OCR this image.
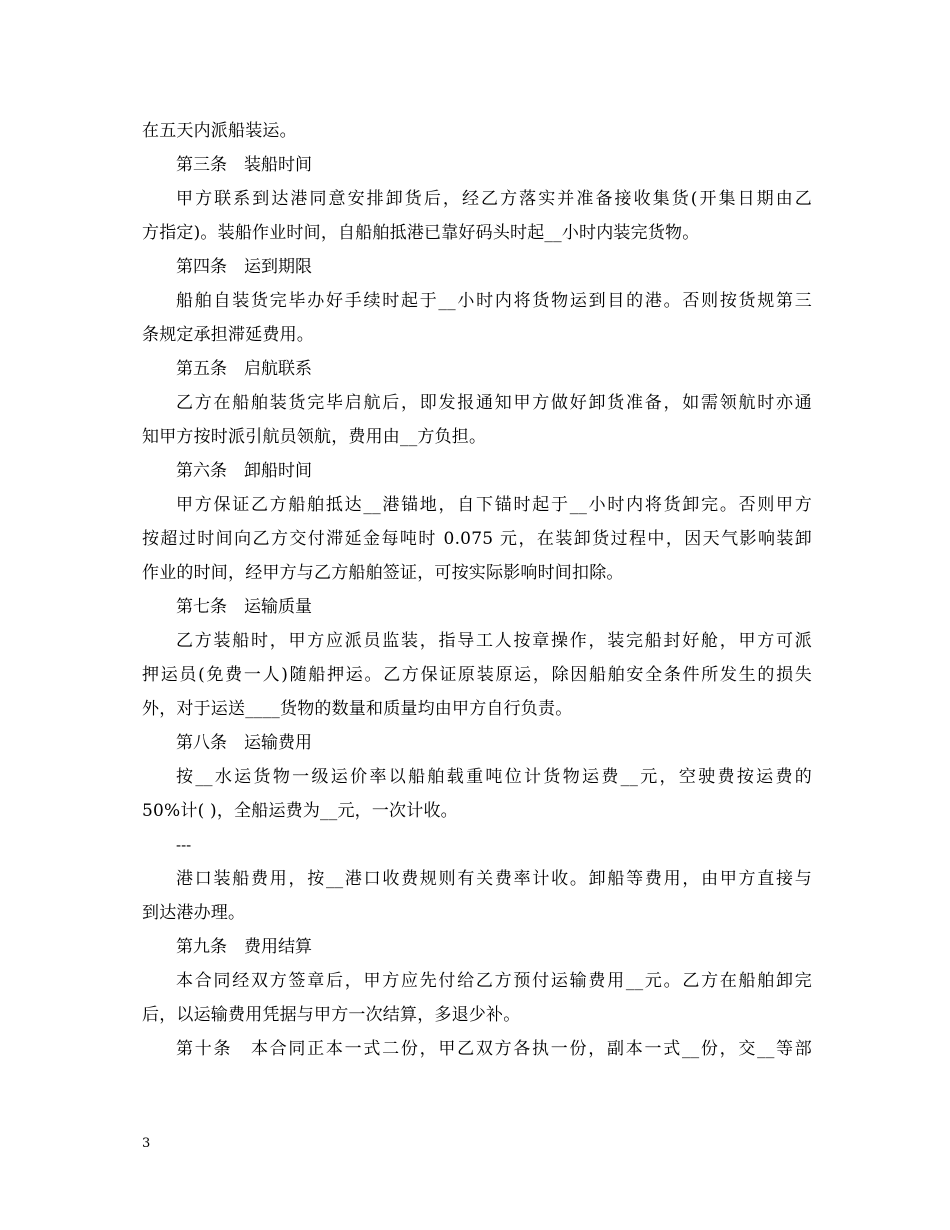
在五天内派船装运。
第三条　装船时间
甲方联系到达港同意安排卸货后，经乙方落实并准备接收集货(开集日期由乙
方指定)。装船作业时间，自船舶抵港已靠好码头时起__小时内装完货物。
第四条　运到期限
船舶自装货完毕办好手续时起于__小时内将货物运到目的港。否则按货规第三
条规定承担滞延费用。
第五条　启航联系
乙方在船舶装货完毕启航后，即发报通知甲方做好卸货准备，如需领航时亦通
知甲方按时派引航员领航，费用由__方负担。
第六条　卸船时间
甲方保证乙方船舶抵达__港锚地，自下锚时起于__小时内将货卸完。否则甲方
按超过时间向乙方交付滞延金每吨时 0.075 元，在装卸货过程中，因天气影响装卸
作业的时间，经甲方与乙方船舶签证，可按实际影响时间扣除。
第七条　运输质量
乙方装船时，甲方应派员监装，指导工人按章操作，装完船封好舱，甲方可派
押运员(免费一人)随船押运。乙方保证原装原运，除因船舶安全条件所发生的损失
外，对于运送____货物的数量和质量均由甲方自行负责。
第八条　运输费用
按__水运货物一级运价率以船舶载重吨位计货物运费__元，空驶费按运费的
50%计( )，全船运费为__元，一次计收。
---
港口装船费用，按__港口收费规则有关费率计收。卸船等费用，由甲方直接与
到达港办理。
第九条　费用结算
本合同经双方签章后，甲方应先付给乙方预付运输费用__元。乙方在船舶卸完
后，以运输费用凭据与甲方一次结算，多退少补。
第十条　本合同正本一式二份，甲乙双方各执一份，副本一式__份，交__等部
3
